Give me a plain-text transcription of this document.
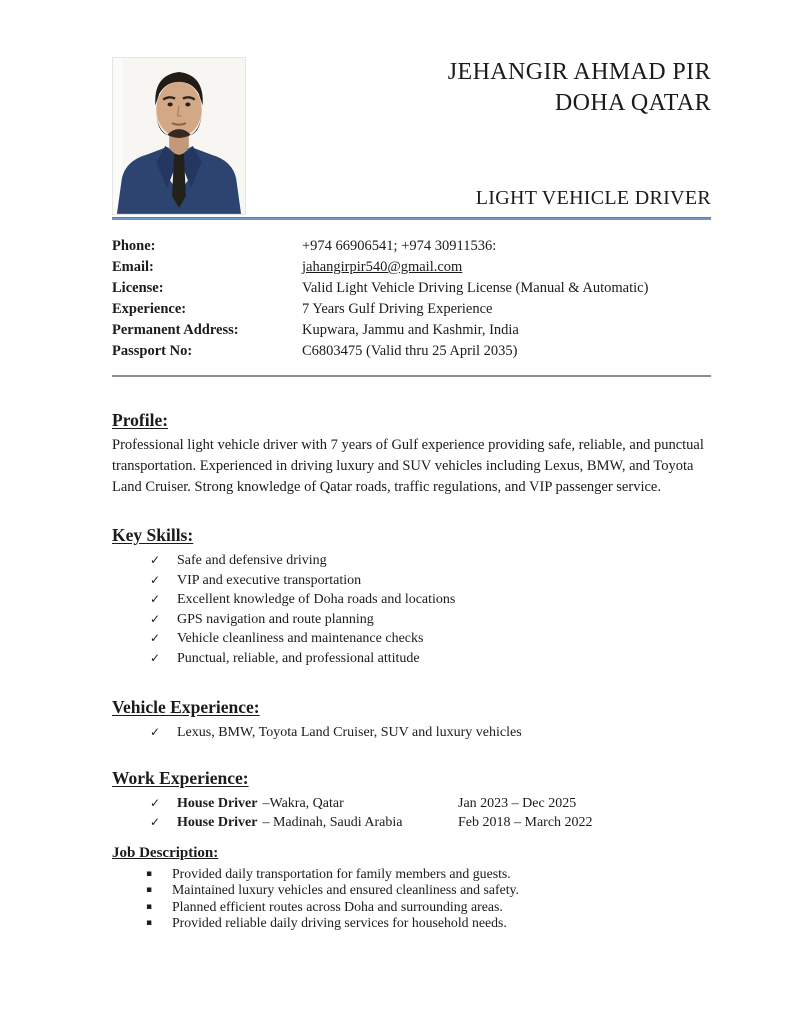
JEHANGIR AHMAD PIR
DOHA QATAR
LIGHT VEHICLE DRIVER
Phone:	+974 66906541; +974 30911536:
Email:	jahangirpir540@gmail.com
License:	Valid Light Vehicle Driving License (Manual & Automatic)
Experience:	7 Years Gulf Driving Experience
Permanent Address:	Kupwara, Jammu and Kashmir, India
Passport No:	C6803475 (Valid thru 25 April 2035)
Profile:

Professional light vehicle driver with 7 years of Gulf experience providing safe, reliable, and punctual transportation. Experienced in driving luxury and SUV vehicles including Lexus, BMW, and Toyota Land Cruiser. Strong knowledge of Qatar roads, traffic regulations, and VIP passenger service.

Key Skills:
✓ Safe and defensive driving
✓ VIP and executive transportation
✓ Excellent knowledge of Doha roads and locations
✓ GPS navigation and route planning
✓ Vehicle cleanliness and maintenance checks
✓ Punctual, reliable, and professional attitude
Vehicle Experience:
✓ Lexus, BMW, Toyota Land Cruiser, SUV and luxury vehicles
Work Experience:
✓ House Driver –Wakra, Qatar	Jan 2023 – Dec 2025
✓ House Driver – Madinah, Saudi Arabia	Feb 2018 – March 2022
Job Description:
▪ Provided daily transportation for family members and guests.
▪ Maintained luxury vehicles and ensured cleanliness and safety.
▪ Planned efficient routes across Doha and surrounding areas.
▪ Provided reliable daily driving services for household needs.
